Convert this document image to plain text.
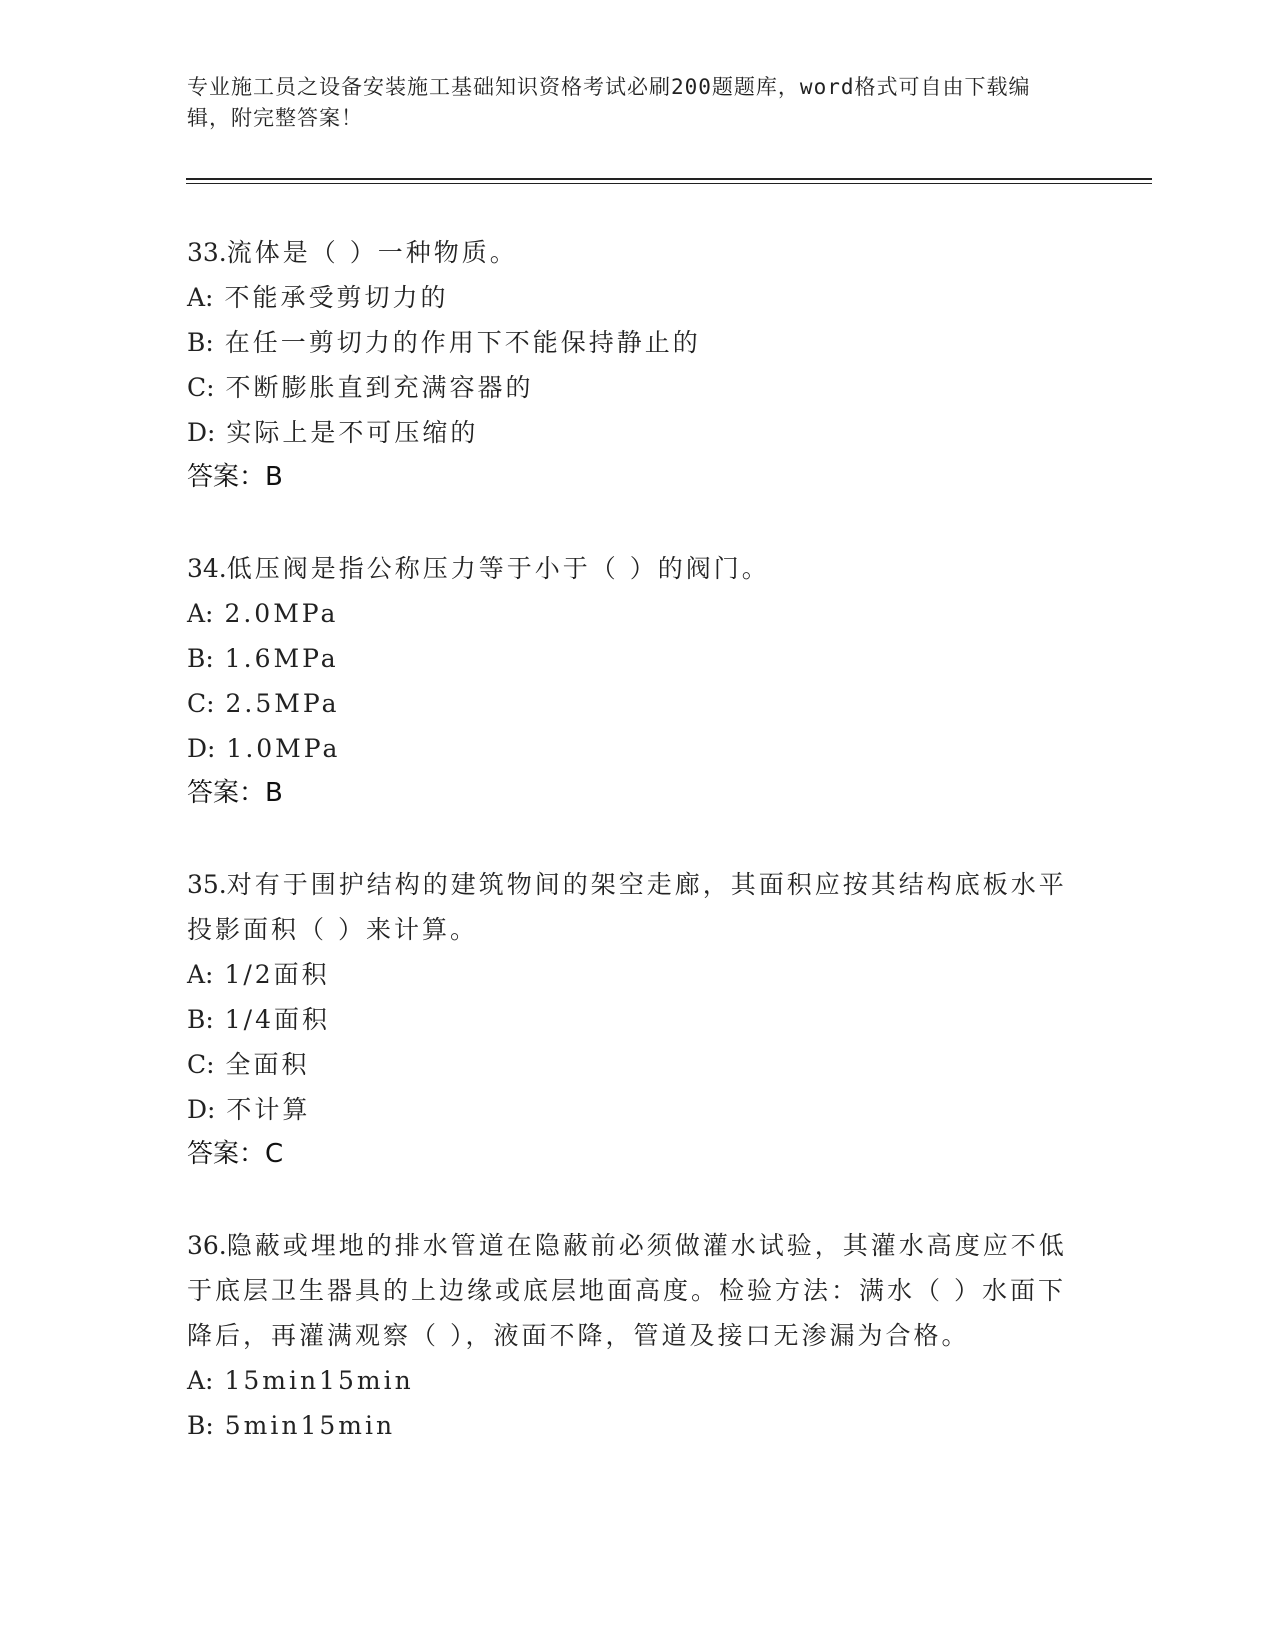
专业施工员之设备安装施工基础知识资格考试必刷200题题库，word格式可自由下载编辑，附完整答案！

33.流体是（ ）一种物质。

A: 不能承受剪切力的

B: 在任一剪切力的作用下不能保持静止的

C: 不断膨胀直到充满容器的

D: 实际上是不可压缩的

答案：B

34.低压阀是指公称压力等于小于（ ）的阀门。

A: 2.0MPa

B: 1.6MPa

C: 2.5MPa

D: 1.0MPa

答案：B

35.对有于围护结构的建筑物间的架空走廊，其面积应按其结构底板水平投影面积（ ）来计算。

A: 1/2面积

B: 1/4面积

C: 全面积

D: 不计算

答案：C

36.隐蔽或埋地的排水管道在隐蔽前必须做灌水试验，其灌水高度应不低于底层卫生器具的上边缘或底层地面高度。检验方法：满水（ ）水面下降后，再灌满观察（ ），液面不降，管道及接口无渗漏为合格。

A: 15min15min

B: 5min15min
